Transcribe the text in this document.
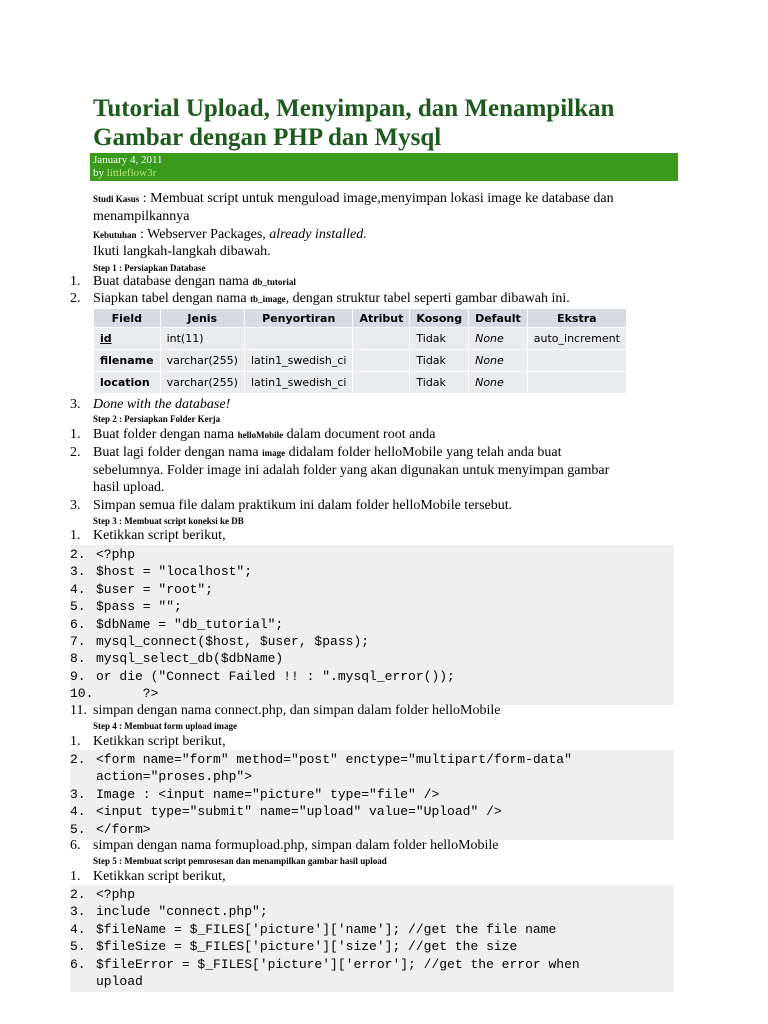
Tutorial Upload, Menyimpan, dan Menampilkan Gambar dengan PHP dan Mysql
January 4, 2011
by littleflow3r
Studi Kasus : Membuat script untuk menguload image,menyimpan lokasi image ke database dan menampilkannya
Kebutuhan : Webserver Packages, already installed.
Ikuti langkah-langkah dibawah.
Step 1 : Persiapkan Database
1. Buat database dengan nama db_tutorial
2. Siapkan tabel dengan nama tb_image, dengan struktur tabel seperti gambar dibawah ini.
Field	Jenis	Penyortiran	Atribut	Kosong	Default	Ekstra
id	int(11)			Tidak	None	auto_increment
filename	varchar(255)	latin1_swedish_ci		Tidak	None	
location	varchar(255)	latin1_swedish_ci		Tidak	None	
3. Done with the database!
Step 2 : Persiapkan Folder Kerja
1. Buat folder dengan nama helloMobile dalam document root anda
2. Buat lagi folder dengan nama image didalam folder helloMobile yang telah anda buat
sebelumnya. Folder image ini adalah folder yang akan digunakan untuk menyimpan gambar
hasil upload.
3. Simpan semua file dalam praktikum ini dalam folder helloMobile tersebut.
Step 3 : Membuat script koneksi ke DB
1. Ketikkan script berikut,
2. <?php
3. $host = "localhost";
4. $user = "root";
5. $pass = "";
6. $dbName = "db_tutorial";
7. mysql_connect($host, $user, $pass);
8. mysql_select_db($dbName)
9. or die ("Connect Failed !! : ".mysql_error());
10.      ?>
11. simpan dengan nama connect.php, dan simpan dalam folder helloMobile
Step 4 : Membuat form upload image
1. Ketikkan script berikut,
2. <form name="form" method="post" enctype="multipart/form-data"
action="proses.php">
3. Image : <input name="picture" type="file" />
4. <input type="submit" name="upload" value="Upload" />
5. </form>
6. simpan dengan nama formupload.php, simpan dalam folder helloMobile
Step 5 : Membuat script pemrosesan dan menampilkan gambar hasil upload
1. Ketikkan script berikut,
2. <?php
3. include "connect.php";
4. $fileName = $_FILES['picture']['name']; //get the file name
5. $fileSize = $_FILES['picture']['size']; //get the size
6. $fileError = $_FILES['picture']['error']; //get the error when
upload
